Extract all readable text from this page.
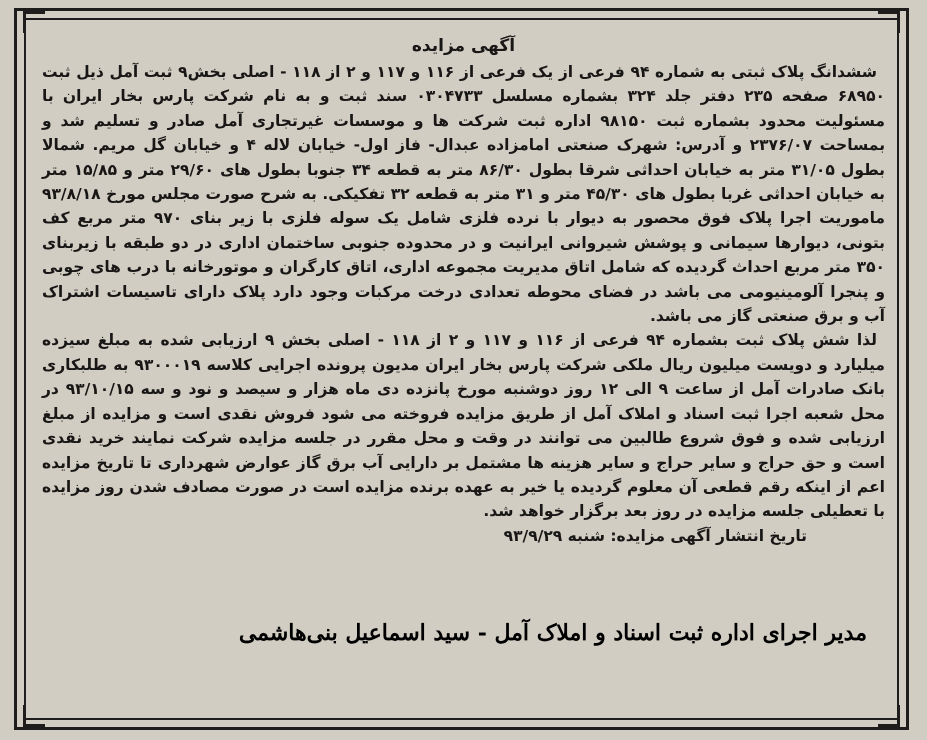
آگهی مزایده

ششدانگ پلاک ثبتی به شماره ۹۴ فرعی از یک فرعی از ۱۱۶ و ۱۱۷ و ۲ از ۱۱۸ - اصلی بخش۹ ثبت آمل ذیل ثبت ۶۸۹۵۰ صفحه ۲۳۵ دفتر جلد ۳۲۴ بشماره مسلسل ۰۳۰۴۷۳۳ سند ثبت و به نام شرکت پارس بخار ایران با مسئولیت محدود بشماره ثبت ۹۸۱۵۰ اداره ثبت شرکت ها و موسسات غیرتجاری آمل صادر و تسلیم شد و بمساحت ۲۳۷۶/۰۷ و آدرس: شهرک صنعتی امامزاده عبدال- فاز اول- خیابان لاله ۴ و خیابان گل مریم. شمالا بطول ۳۱/۰۵ متر به خیابان احداثی شرقا بطول ۸۶/۳۰ متر به قطعه ۳۴ جنوبا بطول های ۲۹/۶۰ متر و ۱۵/۸۵ متر به خیابان احداثی غربا بطول های ۴۵/۳۰ متر و ۳۱ متر به قطعه ۳۲ تفکیکی. به شرح صورت مجلس مورخ ۹۳/۸/۱۸ ماموریت اجرا پلاک فوق محصور به دیوار با نرده فلزی شامل یک سوله فلزی با زیر بنای ۹۷۰ متر مربع کف بتونی، دیوارها سیمانی و پوشش شیروانی ایرانیت و در محدوده جنوبی ساختمان اداری در دو طبقه با زیربنای ۳۵۰ متر مربع احداث گردیده که شامل اتاق مدیریت مجموعه اداری، اتاق کارگران و موتورخانه با درب های چوبی و پنجرا آلومینیومی می باشد در فضای محوطه تعدادی درخت مرکبات وجود دارد پلاک دارای تاسیسات اشتراک آب و برق صنعتی گاز می باشد.

لذا شش پلاک ثبت بشماره ۹۴ فرعی از ۱۱۶ و ۱۱۷ و ۲ از ۱۱۸ - اصلی بخش ۹ ارزیابی شده به مبلغ سیزده میلیارد و دویست میلیون ریال ملکی شرکت پارس بخار ایران مدیون پرونده اجرایی کلاسه ۹۳۰۰۰۱۹ به طلبکاری بانک صادرات آمل از ساعت ۹ الی ۱۲ روز دوشنبه مورخ پانزده دی ماه هزار و سیصد و نود و سه ۹۳/۱۰/۱۵ در محل شعبه اجرا ثبت اسناد و املاک آمل از طریق مزایده فروخته می شود فروش نقدی است و مزایده از مبلغ ارزیابی شده و فوق شروع طالبین می توانند در وقت و محل مقرر در جلسه مزایده شرکت نمایند خرید نقدی است و حق حراج و سایر حراج و سایر هزینه ها مشتمل بر دارایی آب برق گاز عوارض شهرداری تا تاریخ مزایده اعم از اینکه رقم قطعی آن معلوم گردیده یا خیر به عهده برنده مزایده است در صورت مصادف شدن روز مزایده با تعطیلی جلسه مزایده در روز بعد برگزار خواهد شد.

تاریخ انتشار آگهی مزایده: شنبه ۹۳/۹/۲۹
مدیر اجرای اداره ثبت اسناد و املاک آمل - سید اسماعیل بنی‌هاشمی
